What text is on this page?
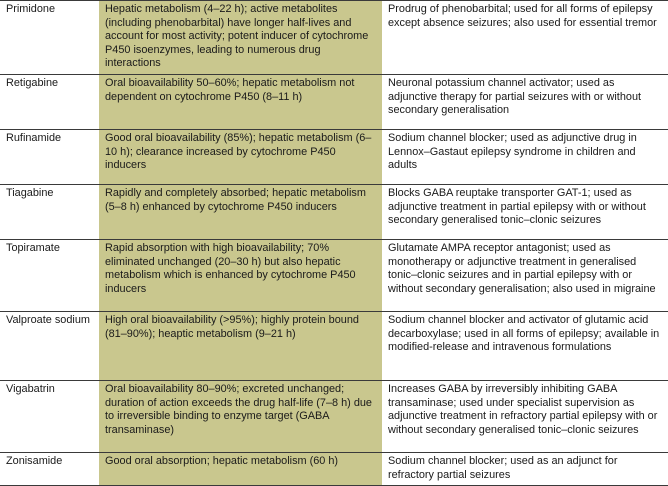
Primidone	Hepatic metabolism (4–22 h); active metabolites (including phenobarbital) have longer half-lives and account for most activity; potent inducer of cytochrome P450 isoenzymes, leading to numerous drug interactions	Prodrug of phenobarbital; used for all forms of epilepsy except absence seizures; also used for essential tremor
Retigabine	Oral bioavailability 50–60%; hepatic metabolism not dependent on cytochrome P450 (8–11 h)	Neuronal potassium channel activator; used as adjunctive therapy for partial seizures with or without secondary generalisation
Rufinamide	Good oral bioavailability (85%); hepatic metabolism (6–10 h); clearance increased by cytochrome P450 inducers	Sodium channel blocker; used as adjunctive drug in Lennox–Gastaut epilepsy syndrome in children and adults
Tiagabine	Rapidly and completely absorbed; hepatic metabolism (5–8 h) enhanced by cytochrome P450 inducers	Blocks GABA reuptake transporter GAT-1; used as adjunctive treatment in partial epilepsy with or without secondary generalised tonic–clonic seizures
Topiramate	Rapid absorption with high bioavailability; 70% eliminated unchanged (20–30 h) but also hepatic metabolism which is enhanced by cytochrome P450 inducers	Glutamate AMPA receptor antagonist; used as monotherapy or adjunctive treatment in generalised tonic–clonic seizures and in partial epilepsy with or without secondary generalisation; also used in migraine
Valproate sodium	High oral bioavailability (>95%); highly protein bound (81–90%); heaptic metabolism (9–21 h)	Sodium channel blocker and activator of glutamic acid decarboxylase; used in all forms of epilepsy; available in modified-release and intravenous formulations
Vigabatrin	Oral bioavailability 80–90%; excreted unchanged; duration of action exceeds the drug half-life (7–8 h) due to irreversible binding to enzyme target (GABA transaminase)	Increases GABA by irreversibly inhibiting GABA transaminase; used under specialist supervision as adjunctive treatment in refractory partial epilepsy with or without secondary generalised tonic–clonic seizures
Zonisamide	Good oral absorption; hepatic metabolism (60 h)	Sodium channel blocker; used as an adjunct for refractory partial seizures
